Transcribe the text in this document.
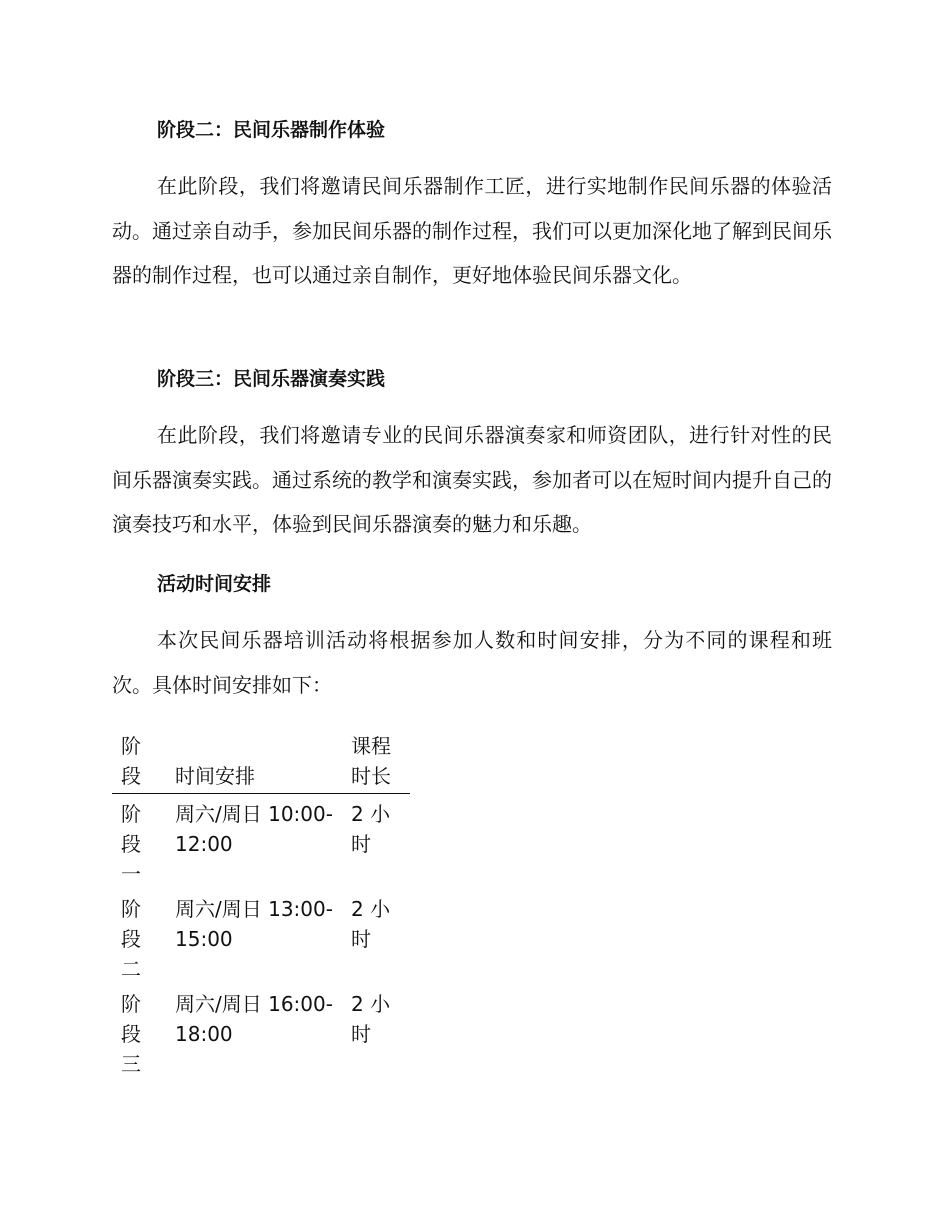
阶段二：民间乐器制作体验

在此阶段，我们将邀请民间乐器制作工匠，进行实地制作民间乐器的体验活动。通过亲自动手，参加民间乐器的制作过程，我们可以更加深化地了解到民间乐器的制作过程，也可以通过亲自制作，更好地体验民间乐器文化。

阶段三：民间乐器演奏实践

在此阶段，我们将邀请专业的民间乐器演奏家和师资团队，进行针对性的民间乐器演奏实践。通过系统的教学和演奏实践，参加者可以在短时间内提升自己的演奏技巧和水平，体验到民间乐器演奏的魅力和乐趣。

活动时间安排

本次民间乐器培训活动将根据参加人数和时间安排，分为不同的课程和班次。具体时间安排如下：

阶段	时间安排
课程时长
阶段一
周六/周日 10:00-12:00
2 小时
阶段二
周六/周日 13:00-15:00
2 小时
阶段三
周六/周日 16:00-18:00
2 小时
